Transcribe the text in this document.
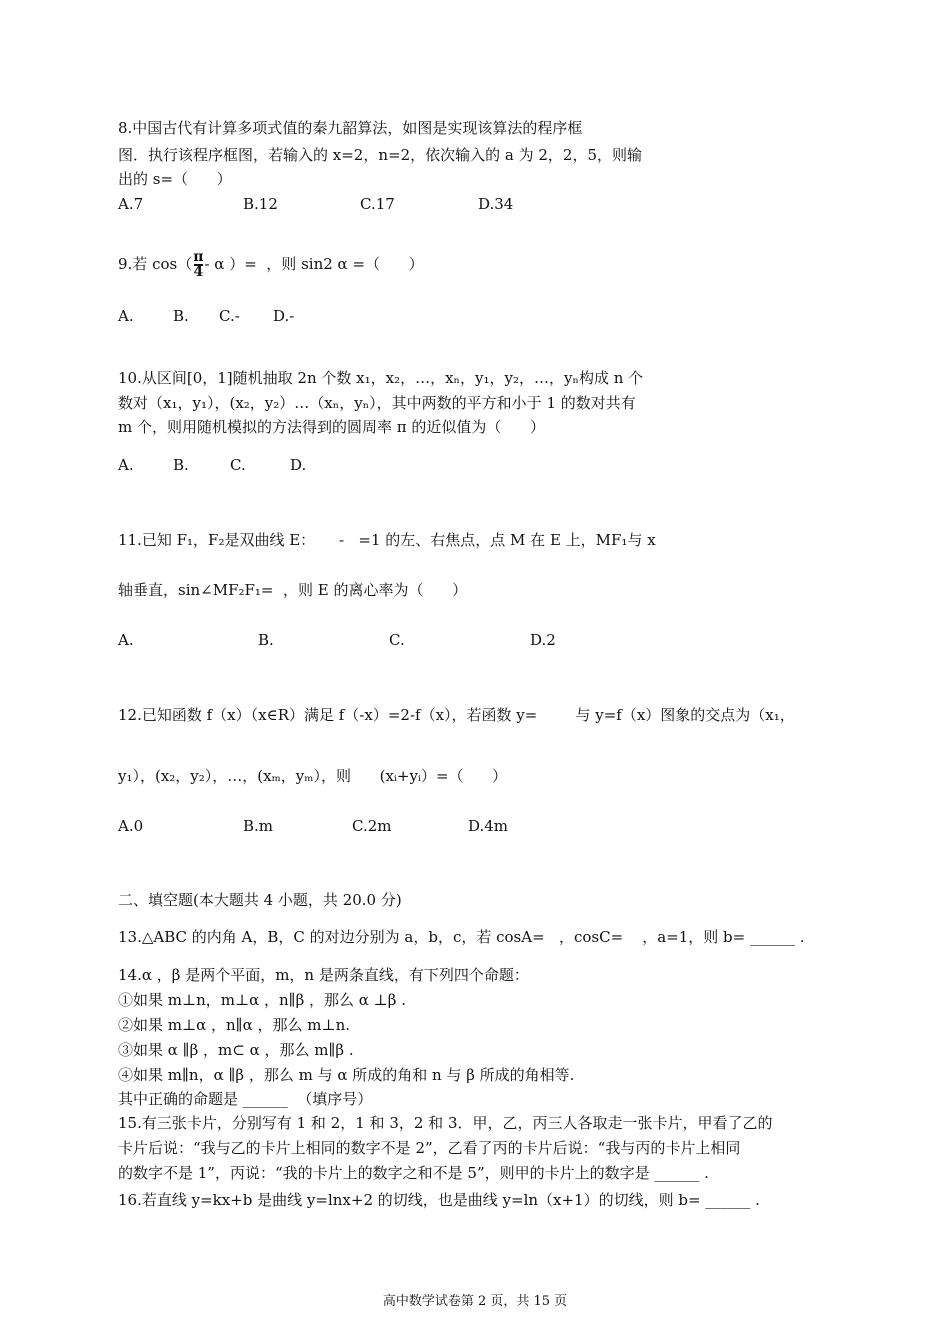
8.中国古代有计算多项式值的秦九韶算法，如图是实现该算法的程序框
图．执行该程序框图，若输入的 x=2，n=2，依次输入的 a 为 2，2，5，则输
出的 s=（      ）

A.7

	B.12

	C.17

	D.34

9.若 $\cos(\frac{\pi}{4}-$ α ）=  ，则 sin2 α =（      ）

A.

	B.

C.-

D.-

10.从区间[0，1]随机抽取 2n 个数 x₁，x₂，…，xₙ，y₁，y₂，…，yₙ构成 n 个
数对（x₁，y₁），(x₂，y₂）…（xₙ，yₙ），其中两数的平方和小于 1 的数对共有
m 个，则用随机模拟的方法得到的圆周率 π 的近似值为（      ）

A.

	B.

	C.

	D.

11.已知 F₁，F₂是双曲线 E：     -   =1 的左、右焦点，点 M 在 E 上，MF₁与 x
轴垂直，sin∠MF₂F₁=  ，则 E 的离心率为（      ）

A.

	B.

	C.

	D.2

12.已知函数 f（x）（x∈R）满足 f（-x）=2-f（x），若函数 y=        与 y=f（x）图象的交点为（x₁，
y₁），(x₂，y₂），…，(xₘ，yₘ），则      (xᵢ+yᵢ）=（      ）

A.0

	B.m

	C.2m

	D.4m

二、填空题(本大题共 4 小题，共 20.0 分)
13.△ABC 的内角 A，B，C 的对边分别为 a，b，c，若 cosA=   ，cosC=    ，a=1，则 b= ______ .
14.α ，β 是两个平面，m，n 是两条直线，有下列四个命题：
①如果 m⊥n，m⊥α ，n∥β ，那么 α ⊥β .
②如果 m⊥α ，n∥α ，那么 m⊥n.
③如果 α ∥β ，m⊂ α ，那么 m∥β .
④如果 m∥n，α ∥β ，那么 m 与 α 所成的角和 n 与 β 所成的角相等.
其中正确的命题是 ______  （填序号）
15.有三张卡片，分别写有 1 和 2，1 和 3，2 和 3．甲，乙，丙三人各取走一张卡片，甲看了乙的
卡片后说：“我与乙的卡片上相同的数字不是 2”，乙看了丙的卡片后说：“我与丙的卡片上相同
的数字不是 1”，丙说：“我的卡片上的数字之和不是 5”，则甲的卡片上的数字是 ______ .
16.若直线 y=kx+b 是曲线 y=lnx+2 的切线，也是曲线 y=ln（x+1）的切线，则 b= ______ .
高中数学试卷第 2 页，共 15 页
